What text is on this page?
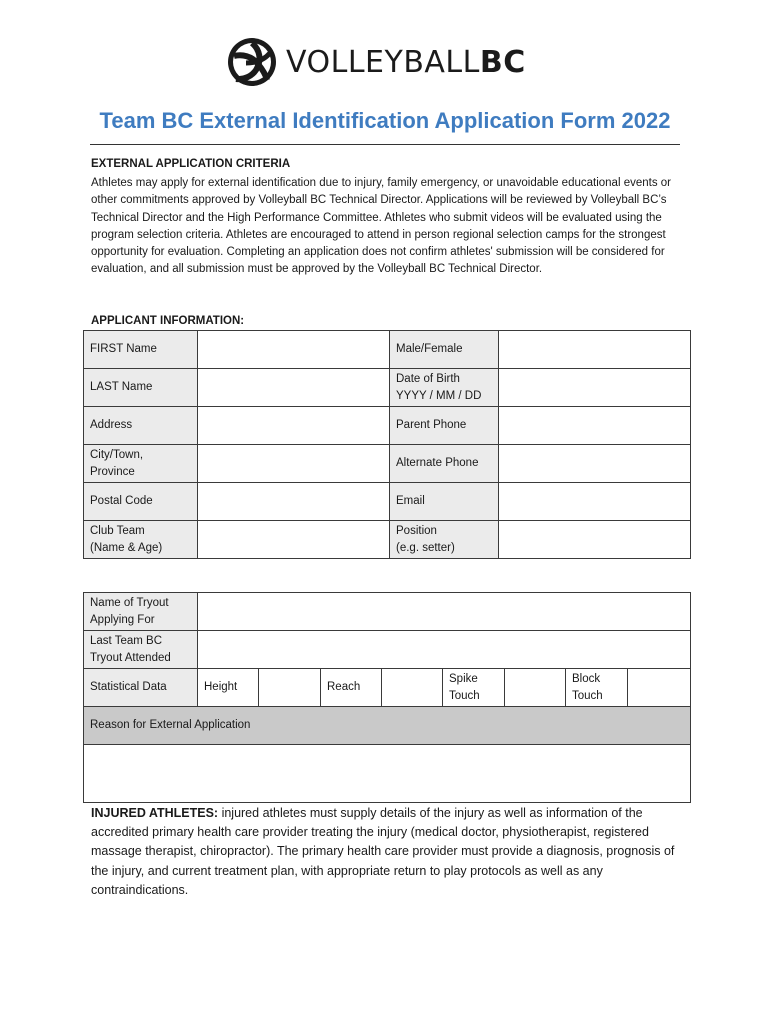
VOLLEYBALLBC
Team BC External Identification Application Form 2022
EXTERNAL APPLICATION CRITERIA

Athletes may apply for external identification due to injury, family emergency, or unavoidable educational events or other commitments approved by Volleyball BC Technical Director. Applications will be reviewed by Volleyball BC’s Technical Director and the High Performance Committee. Athletes who submit videos will be evaluated using the program selection criteria. Athletes are encouraged to attend in person regional selection camps for the strongest opportunity for evaluation. Completing an application does not confirm athletes' submission will be considered for evaluation, and all submission must be approved by the Volleyball BC Technical Director.

APPLICANT INFORMATION:
FIRST Name		Male/Female	
LAST Name		Date of Birth
YYYY / MM / DD	
Address		Parent Phone	
City/Town,
Province		Alternate Phone	
Postal Code		Email	
Club Team
(Name & Age)		Position
(e.g. setter)	
Name of Tryout
Applying For								
Last Team BC
Tryout Attended								
Statistical Data	Height		Reach		Spike
Touch		Block
Touch	
Reason for External Application								

INJURED ATHLETES: injured athletes must supply details of the injury as well as information of the accredited primary health care provider treating the injury (medical doctor, physiotherapist, registered massage therapist, chiropractor). The primary health care provider must provide a diagnosis, prognosis of the injury, and current treatment plan, with appropriate return to play protocols as well as any contraindications.
